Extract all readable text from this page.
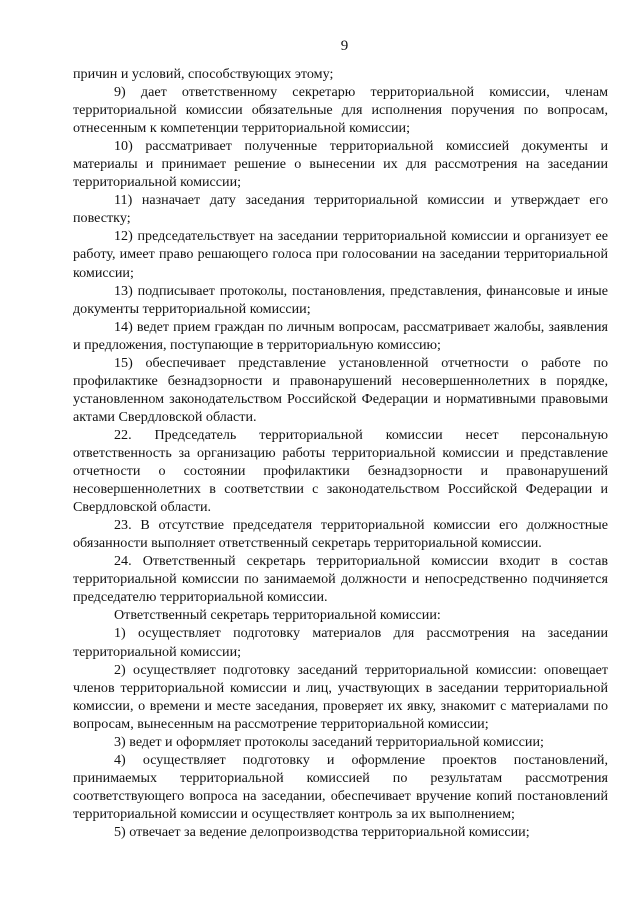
9

причин и условий, способствующих этому;

9) дает ответственному секретарю территориальной комиссии, членам территориальной комиссии обязательные для исполнения поручения по вопросам, отнесенным к компетенции территориальной комиссии;

10) рассматривает полученные территориальной комиссией документы и материалы и принимает решение о вынесении их для рассмотрения на заседании территориальной комиссии;

11) назначает дату заседания территориальной комиссии и утверждает его повестку;

12) председательствует на заседании территориальной комиссии и организует ее работу, имеет право решающего голоса при голосовании на заседании территориальной комиссии;

13) подписывает протоколы, постановления, представления, финансовые и иные документы территориальной комиссии;

14) ведет прием граждан по личным вопросам, рассматривает жалобы, заявления и предложения, поступающие в территориальную комиссию;

15) обеспечивает представление установленной отчетности о работе по профилактике безнадзорности и правонарушений несовершеннолетних в порядке, установленном законодательством Российской Федерации и нормативными правовыми актами Свердловской области.

22. Председатель территориальной комиссии несет персональную ответственность за организацию работы территориальной комиссии и представление отчетности о состоянии профилактики безнадзорности и правонарушений несовершеннолетних в соответствии с законодательством Российской Федерации и Свердловской области.

23. В отсутствие председателя территориальной комиссии его должностные обязанности выполняет ответственный секретарь территориальной комиссии.

24. Ответственный секретарь территориальной комиссии входит в состав территориальной комиссии по занимаемой должности и непосредственно подчиняется председателю территориальной комиссии.

Ответственный секретарь территориальной комиссии:

1) осуществляет подготовку материалов для рассмотрения на заседании территориальной комиссии;

2) осуществляет подготовку заседаний территориальной комиссии: оповещает членов территориальной комиссии и лиц, участвующих в заседании территориальной комиссии, о времени и месте заседания, проверяет их явку, знакомит с материалами по вопросам, вынесенным на рассмотрение территориальной комиссии;

3) ведет и оформляет протоколы заседаний территориальной комиссии;

4) осуществляет подготовку и оформление проектов постановлений, принимаемых территориальной комиссией по результатам рассмотрения соответствующего вопроса на заседании, обеспечивает вручение копий постановлений территориальной комиссии и осуществляет контроль за их выполнением;

5) отвечает за ведение делопроизводства территориальной комиссии;
